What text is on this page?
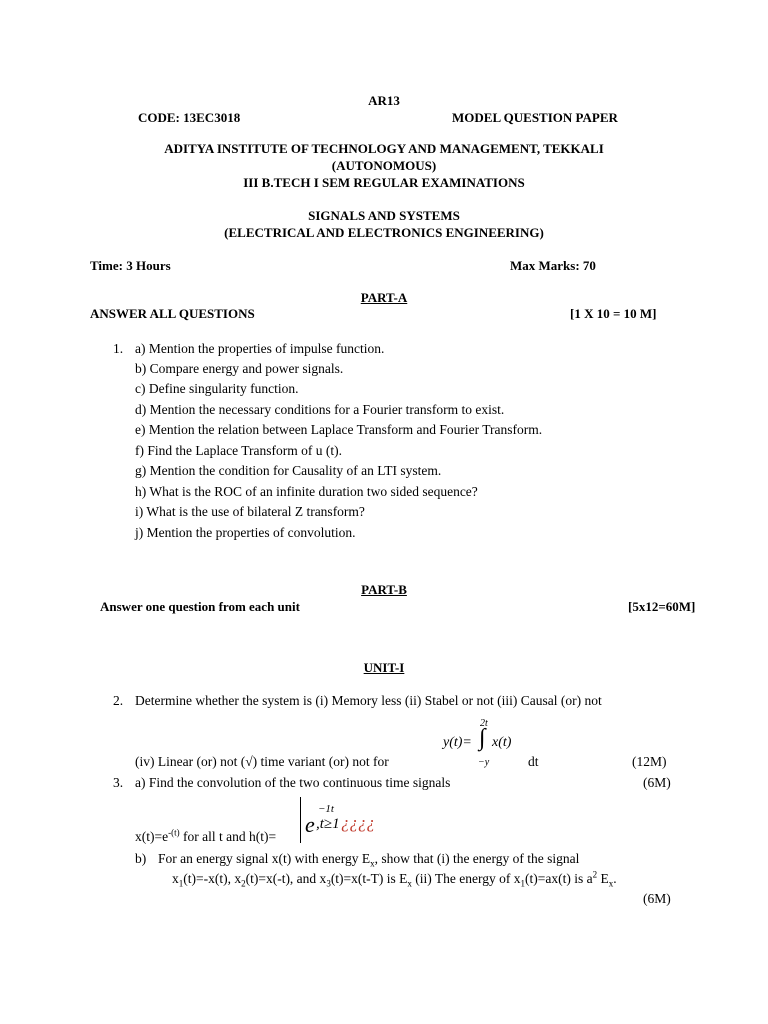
AR13
CODE: 13EC3018	MODEL QUESTION PAPER
ADITYA INSTITUTE OF TECHNOLOGY AND MANAGEMENT, TEKKALI
(AUTONOMOUS)
III B.TECH I SEM REGULAR EXAMINATIONS
SIGNALS AND SYSTEMS
(ELECTRICAL AND ELECTRONICS ENGINEERING)
Time: 3 Hours	Max Marks: 70
PART-A
ANSWER ALL QUESTIONS	[1 X 10 = 10 M]
1. a) Mention the properties of impulse function.
b) Compare energy and power signals.
c) Define singularity function.
d) Mention the necessary conditions for a Fourier transform to exist.
e) Mention the relation between Laplace Transform and Fourier Transform.
f) Find the Laplace Transform of u (t).
g) Mention the condition for Causality of an LTI system.
h) What is the ROC of an infinite duration two sided sequence?
i) What is the use of bilateral Z transform?
j) Mention the properties of convolution.
PART-B
Answer one question from each unit	[5x12=60M]
UNIT-I
2. Determine whether the system is (i) Memory less (ii) Stabel or not (iii) Causal (or) not
2t
y(t)= ∫ x(t)
−y
(iv) Linear (or) not (√) time variant (or) not for	dt	(12M)
3. a) Find the convolution of the two continuous time signals	(6M)
$x(t)=e^{-(t)}$ for all t and h(t)= e
−1t
,t≥1 ¿¿¿¿
b) For an energy signal x(t) with energy $E_x$, show that (i) the energy of the signal
$x_1(t)=-x(t)$, $x_2(t)=x(-t)$, and $x_3(t)=x(t-T)$ is $E_x$ (ii) The energy of $x_1(t)=ax(t)$ is $a^2$ $E_x$.
(6M)
